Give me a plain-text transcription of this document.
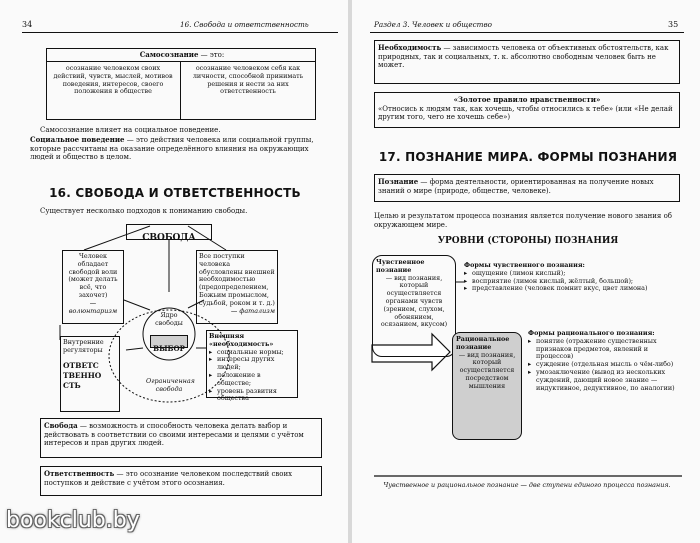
34	16. Свобода и ответственность
Самосознание — это:
осознание человеком своих действий, чувств, мыслей, мотивов поведения, интересов, своего положения в обществе
осознание человеком себя как личности, способной принимать решения и нести за них ответственность
Самосознание влияет на социальное поведение.
Социальное поведение — это действия человека или социальной группы, которые рассчитаны на оказание определённого влияния на окружающих людей и общество в целом.
16. СВОБОДА И ОТВЕТСТВЕННОСТЬ
Существует несколько подходов к пониманию свободы.
СВОБОДА
Человек обладает свободой воли (может делать всё, что захочет)
— волюнтаризм
Все поступки человека обусловлены внешней необходимостью (предопределением, Божьим промыслом, судьбой, роком и т. д.)
— фатализм
Ядро свободы
ВЫБОР
Внутренние регуляторы
ОТВЕТСТВЕННОСТЬ
Внешняя «необходимость»
▸ социальные нормы;
▸ интересы других людей;
▸ положение в обществе;
▸ уровень развития общества
Ограниченная свобода
Свобода — возможность и способность человека делать выбор и действовать в соответствии со своими интересами и целями с учётом интересов и прав других людей.
Ответственность — это осознание человеком последствий своих поступков и действие с учётом этого осознания.
Раздел 3. Человек и общество	35
Необходимость — зависимость человека от объективных обстоятельств, как природных, так и социальных, т. к. абсолютно свободным человек быть не может.
«Золотое правило нравственности»
«Относись к людям так, как хочешь, чтобы относились к тебе» (или «Не делай другим того, чего не хочешь себе»)
17. ПОЗНАНИЕ МИРА. ФОРМЫ ПОЗНАНИЯ
Познание — форма деятельности, ориентированная на получение новых знаний о мире (природе, обществе, человеке).
Целью и результатом процесса познания является получение нового знания об окружающем мире.
УРОВНИ (СТОРОНЫ) ПОЗНАНИЯ
Чувственное познание
— вид познания, который осуществляется органами чувств (зрением, слухом, обонянием, осязанием, вкусом)
Формы чувственного познания:
▸ ощущение (лимон кислый);
▸ восприятие (лимон кислый, жёлтый, большой);
▸ представление (человек помнит вкус, цвет лимона)
Рациональное познание
— вид познания, который осуществляется посредством мышления
Формы рационального познания:
▸ понятие (отражение существенных признаков предметов, явлений и процессов)
▸ суждение (отдельная мысль о чём-либо)
▸ умозаключение (вывод из нескольких суждений, дающий новое знание — индуктивное, дедуктивное, по аналогии)
Чувственное и рациональное познание — две ступени единого процесса познания.
bookclub.by
